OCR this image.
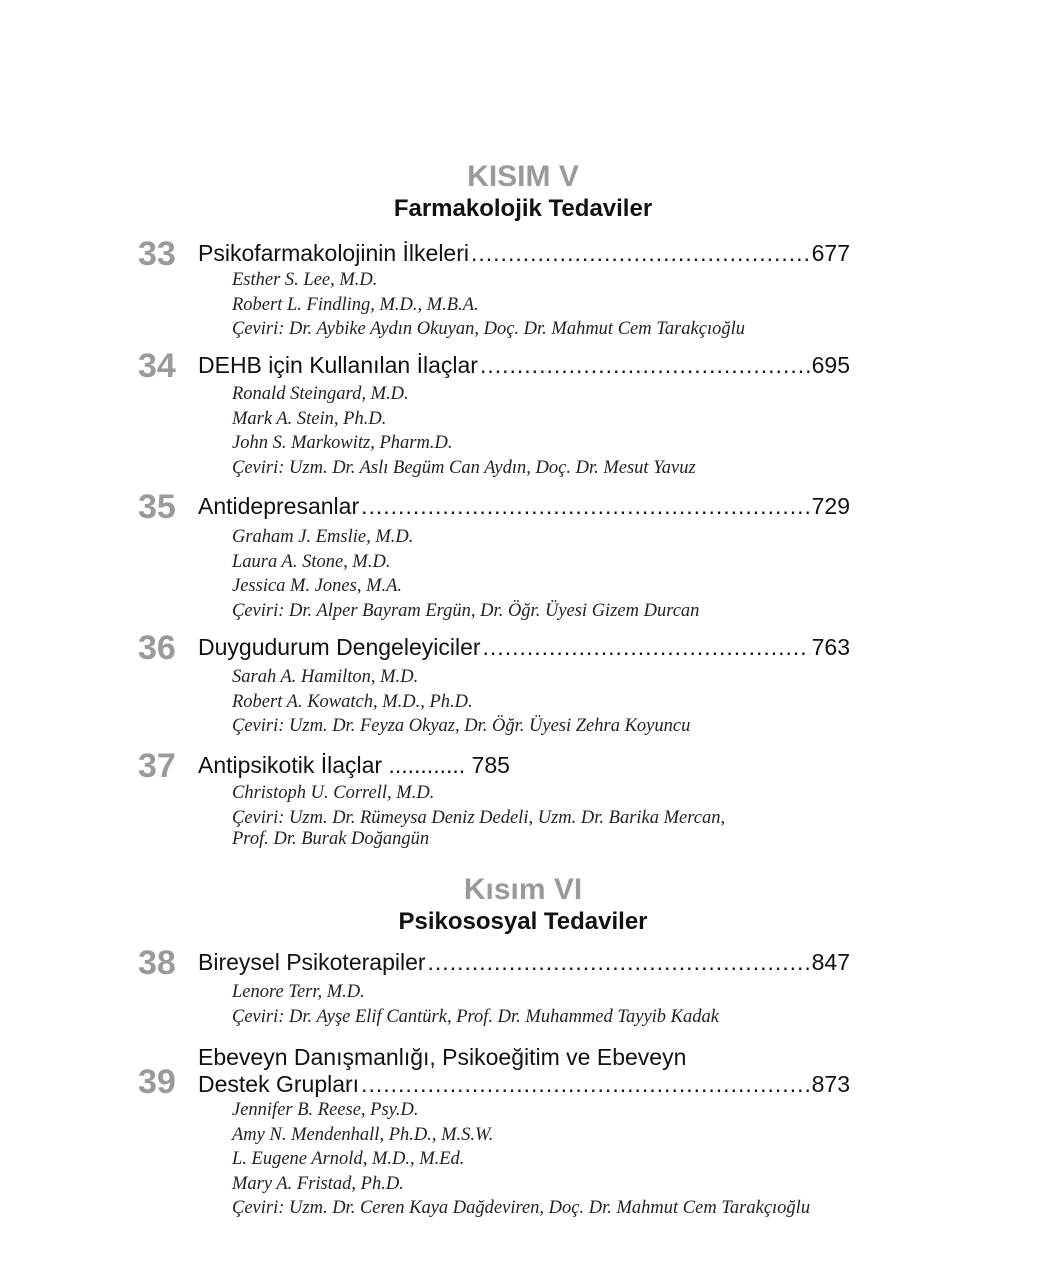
KISIM V
Farmakolojik Tedaviler
33 Psikofarmakolojinin İlkeleri .....	677
Esther S. Lee, M.D.
Robert L. Findling, M.D., M.B.A.
Çeviri: Dr. Aybike Aydın Okuyan, Doç. Dr. Mahmut Cem Tarakçıoğlu
34 DEHB için Kullanılan İlaçlar .....	695
Ronald Steingard, M.D.
Mark A. Stein, Ph.D.
John S. Markowitz, Pharm.D.
Çeviri: Uzm. Dr. Aslı Begüm Can Aydın, Doç. Dr. Mesut Yavuz
35 Antidepresanlar .....	729
Graham J. Emslie, M.D.
Laura A. Stone, M.D.
Jessica M. Jones, M.A.
Çeviri: Dr. Alper Bayram Ergün, Dr. Öğr. Üyesi Gizem Durcan
36 Duygudurum Dengeleyiciler .....	763
Sarah A. Hamilton, M.D.
Robert A. Kowatch, M.D., Ph.D.
Çeviri: Uzm. Dr. Feyza Okyaz, Dr. Öğr. Üyesi Zehra Koyuncu
37 Antipsikotik İlaçlar ............ 785
Christoph U. Correll, M.D.
Çeviri: Uzm. Dr. Rümeysa Deniz Dedeli, Uzm. Dr. Barika Mercan,
Prof. Dr. Burak Doğangün
Kısım VI
Psikososyal Tedaviler
38 Bireysel Psikoterapiler .....	847
Lenore Terr, M.D.
Çeviri: Dr. Ayşe Elif Cantürk, Prof. Dr. Muhammed Tayyib Kadak
39
Ebeveyn Danışmanlığı, Psikoeğitim ve Ebeveyn
Destek Grupları .....	873
Jennifer B. Reese, Psy.D.
Amy N. Mendenhall, Ph.D., M.S.W.
L. Eugene Arnold, M.D., M.Ed.
Mary A. Fristad, Ph.D.
Çeviri: Uzm. Dr. Ceren Kaya Dağdeviren, Doç. Dr. Mahmut Cem Tarakçıoğlu
